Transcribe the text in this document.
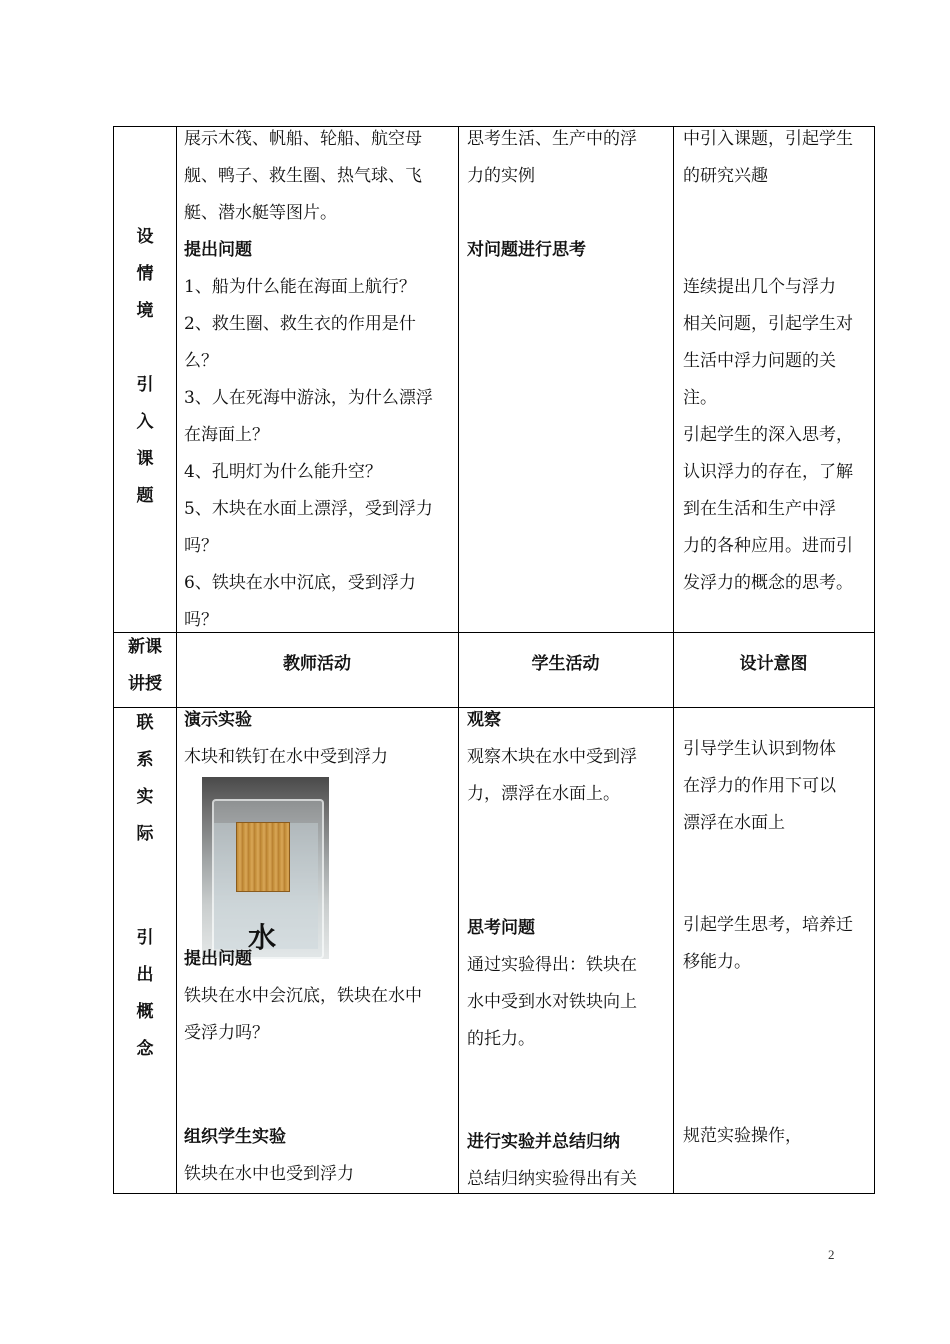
设
情
境
引
入
课
题
展示木筏、帆船、轮船、航空母
舰、鸭子、救生圈、热气球、飞
艇、潜水艇等图片。
提出问题
1、船为什么能在海面上航行？
2、救生圈、救生衣的作用是什
么？
3、人在死海中游泳，为什么漂浮
在海面上？
4、孔明灯为什么能升空？
5、木块在水面上漂浮，受到浮力
吗？
6、铁块在水中沉底，受到浮力
吗？
思考生活、生产中的浮
力的实例
对问题进行思考
中引入课题，引起学生
的研究兴趣
连续提出几个与浮力
相关问题，引起学生对
生活中浮力问题的关
注。
引起学生的深入思考，
认识浮力的存在，了解
到在生活和生产中浮
力的各种应用。进而引
发浮力的概念的思考。
新课
讲授
教师活动	学生活动	设计意图
联
系
实
际
引
出
概
念
演示实验
木块和铁钉在水中受到浮力
水
提出问题
铁块在水中会沉底，铁块在水中
受浮力吗？
组织学生实验
铁块在水中也受到浮力
观察
观察木块在水中受到浮
力，漂浮在水面上。
思考问题
通过实验得出：铁块在
水中受到水对铁块向上
的托力。
进行实验并总结归纳
总结归纳实验得出有关
引导学生认识到物体
在浮力的作用下可以
漂浮在水面上
引起学生思考，培养迁
移能力。
规范实验操作，
2
